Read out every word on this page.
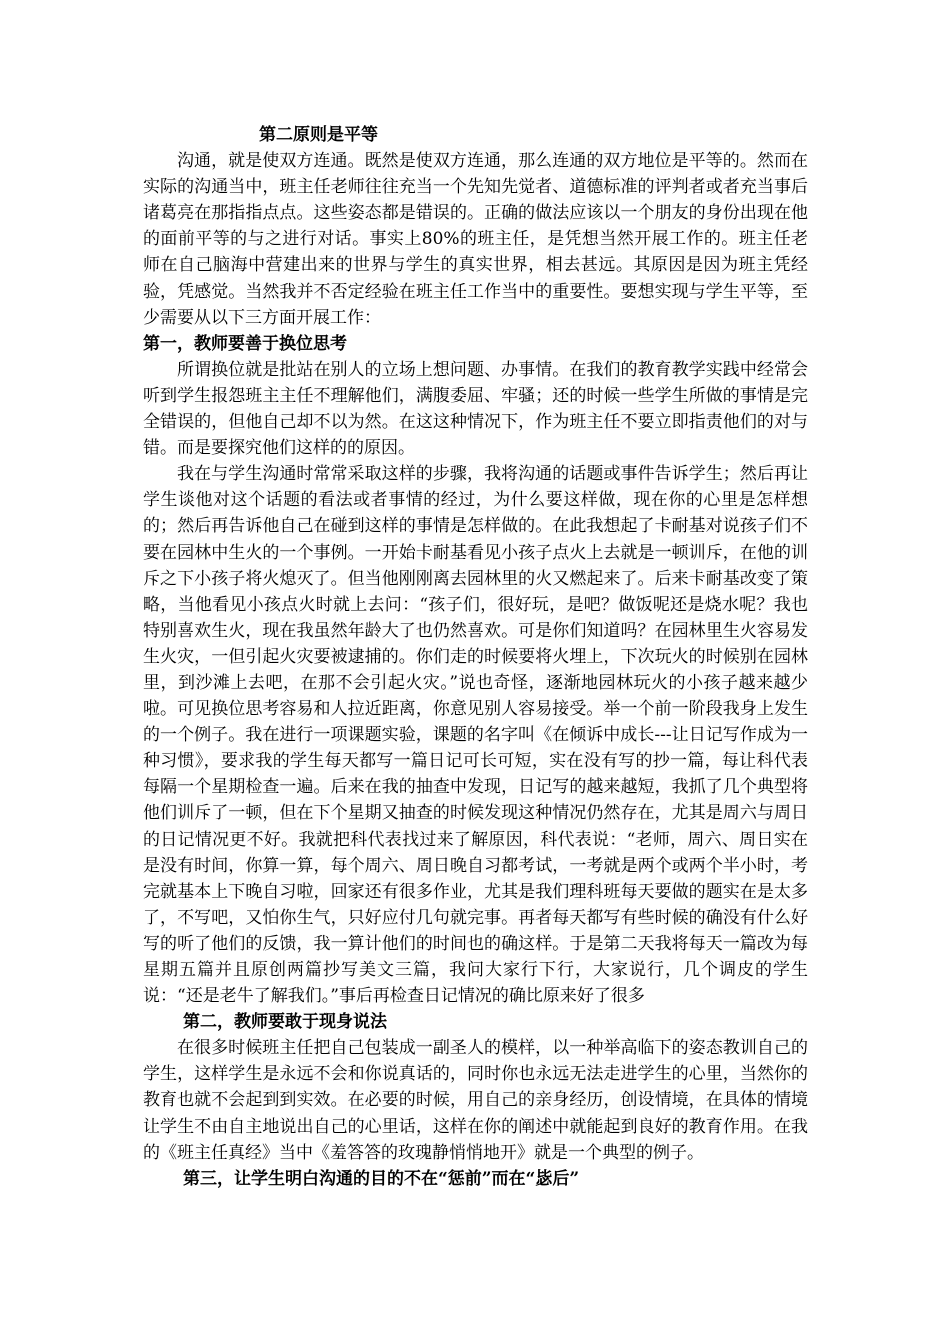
第二原则是平等

沟通，就是使双方连通。既然是使双方连通，那么连通的双方地位是平等的。然而在实际的沟通当中，班主任老师往往充当一个先知先觉者、道德标准的评判者或者充当事后诸葛亮在那指指点点。这些姿态都是错误的。正确的做法应该以一个朋友的身份出现在他的面前平等的与之进行对话。事实上80%的班主任，是凭想当然开展工作的。班主任老师在自己脑海中营建出来的世界与学生的真实世界，相去甚远。其原因是因为班主凭经验，凭感觉。当然我并不否定经验在班主任工作当中的重要性。要想实现与学生平等，至少需要从以下三方面开展工作：

第一，教师要善于换位思考

所谓换位就是批站在别人的立场上想问题、办事情。在我们的教育教学实践中经常会听到学生报怨班主主任不理解他们，满腹委屈、牢骚；还的时候一些学生所做的事情是完全错误的，但他自己却不以为然。在这这种情况下，作为班主任不要立即指责他们的对与错。而是要探究他们这样的的原因。

我在与学生沟通时常常采取这样的步骤，我将沟通的话题或事件告诉学生；然后再让学生谈他对这个话题的看法或者事情的经过，为什么要这样做，现在你的心里是怎样想的；然后再告诉他自己在碰到这样的事情是怎样做的。在此我想起了卡耐基对说孩子们不要在园林中生火的一个事例。一开始卡耐基看见小孩子点火上去就是一顿训斥，在他的训斥之下小孩子将火熄灭了。但当他刚刚离去园林里的火又燃起来了。后来卡耐基改变了策略，当他看见小孩点火时就上去问：“孩子们，很好玩，是吧？做饭呢还是烧水呢？我也特别喜欢生火，现在我虽然年龄大了也仍然喜欢。可是你们知道吗？在园林里生火容易发生火灾，一但引起火灾要被逮捕的。你们走的时候要将火埋上，下次玩火的时候别在园林里，到沙滩上去吧，在那不会引起火灾。”说也奇怪，逐渐地园林玩火的小孩子越来越少啦。可见换位思考容易和人拉近距离，你意见别人容易接受。举一个前一阶段我身上发生的一个例子。我在进行一项课题实验，课题的名字叫《在倾诉中成长---让日记写作成为一种习惯》，要求我的学生每天都写一篇日记可长可短，实在没有写的抄一篇，每让科代表每隔一个星期检查一遍。后来在我的抽查中发现，日记写的越来越短，我抓了几个典型将他们训斥了一顿，但在下个星期又抽查的时候发现这种情况仍然存在，尤其是周六与周日的日记情况更不好。我就把科代表找过来了解原因，科代表说：“老师，周六、周日实在是没有时间，你算一算，每个周六、周日晚自习都考试，一考就是两个或两个半小时，考完就基本上下晚自习啦，回家还有很多作业，尤其是我们理科班每天要做的题实在是太多了，不写吧，又怕你生气，只好应付几句就完事。再者每天都写有些时候的确没有什么好写的听了他们的反馈，我一算计他们的时间也的确这样。于是第二天我将每天一篇改为每星期五篇并且原创两篇抄写美文三篇，我问大家行下行，大家说行，几个调皮的学生说：“还是老牛了解我们。”事后再检查日记情况的确比原来好了很多

第二，教师要敢于现身说法

在很多时候班主任把自己包装成一副圣人的模样，以一种举高临下的姿态教训自己的学生，这样学生是永远不会和你说真话的，同时你也永远无法走进学生的心里，当然你的教育也就不会起到到实效。在必要的时候，用自己的亲身经历，创设情境，在具体的情境让学生不由自主地说出自己的心里话，这样在你的阐述中就能起到良好的教育作用。在我的《班主任真经》当中《羞答答的玫瑰静悄悄地开》就是一个典型的例子。

第三，让学生明白沟通的目的不在“惩前”而在“毖后”
